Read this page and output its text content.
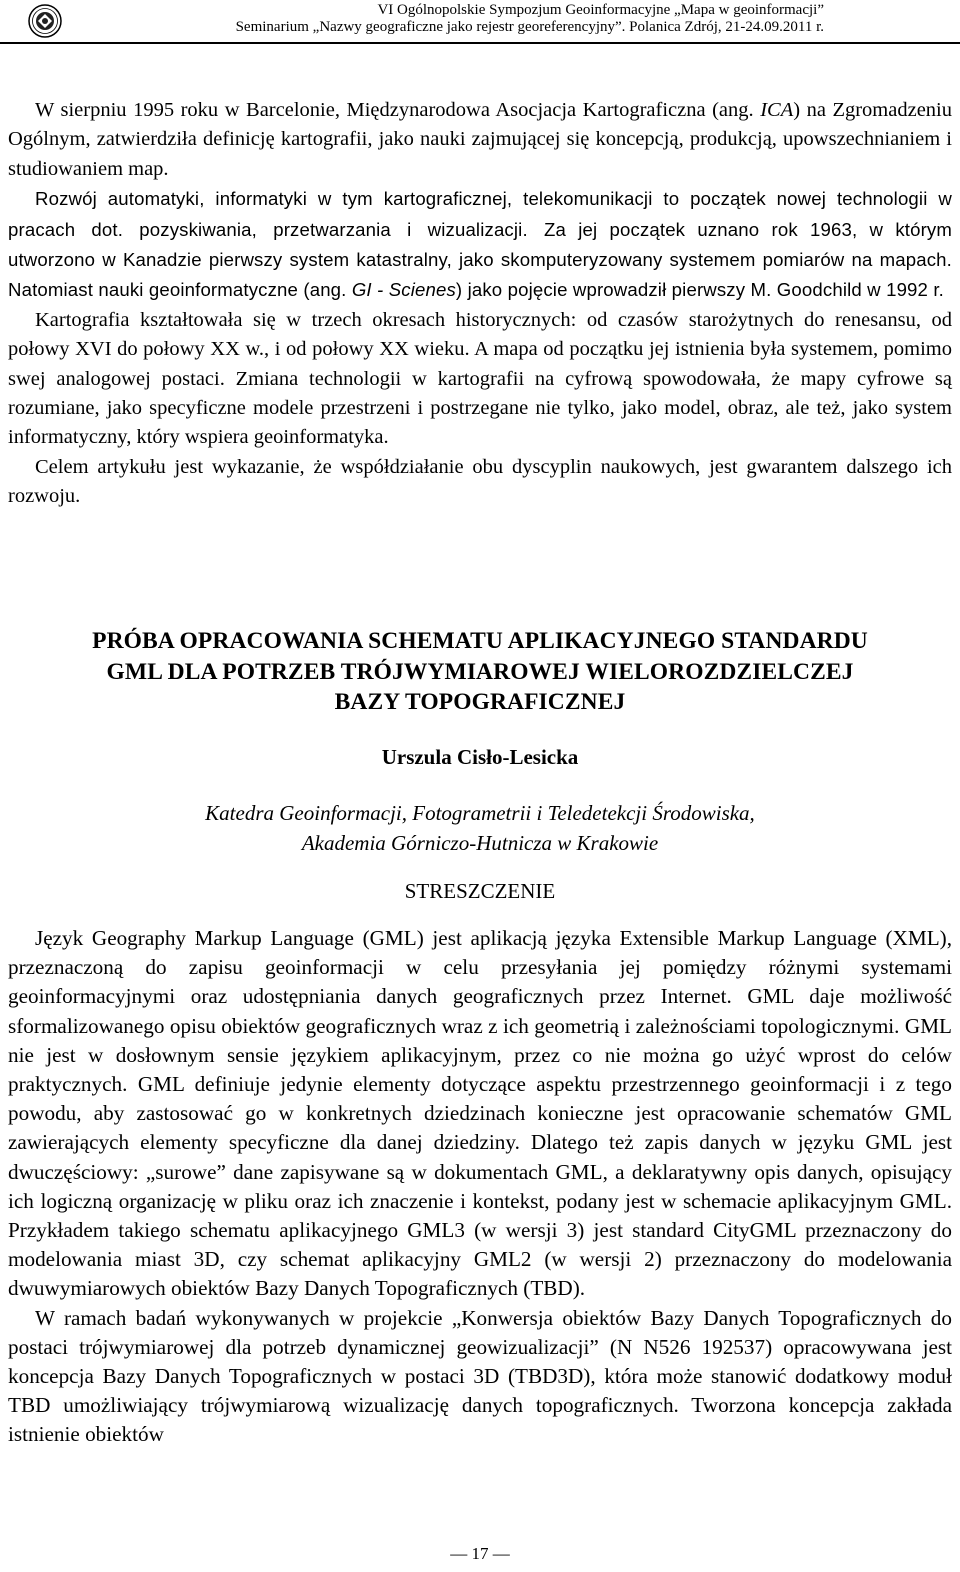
VI Ogólnopolskie Sympozjum Geoinformacyjne „Mapa w geoinformacji”
Seminarium „Nazwy geograficzne jako rejestr georeferencyjny”. Polanica Zdrój, 21-24.09.2011 r.

W sierpniu 1995 roku w Barcelonie, Międzynarodowa Asocjacja Kartograficzna (ang. ICA) na Zgromadzeniu Ogólnym, zatwierdziła definicję kartografii, jako nauki zajmującej się koncepcją, produkcją, upowszechnianiem i studiowaniem map.

Rozwój automatyki, informatyki w tym kartograficznej, telekomunikacji to początek nowej technologii w pracach dot. pozyskiwania, przetwarzania i wizualizacji. Za jej początek uznano rok 1963, w którym utworzono w Kanadzie pierwszy system katastralny, jako skomputeryzowany systemem pomiarów na mapach. Natomiast nauki geoinformatyczne (ang. GI - Scienes) jako pojęcie wprowadził pierwszy M. Goodchild w 1992 r.

Kartografia kształtowała się w trzech okresach historycznych: od czasów starożytnych do renesansu, od połowy XVI do połowy XX w., i od połowy XX wieku. A mapa od początku jej istnienia była systemem, pomimo swej analogowej postaci. Zmiana technologii w kartografii na cyfrową spowodowała, że mapy cyfrowe są rozumiane, jako specyficzne modele przestrzeni i postrzegane nie tylko, jako model, obraz, ale też, jako system informatyczny, który wspiera geoinformatyka.

Celem artykułu jest wykazanie, że współdziałanie obu dyscyplin naukowych, jest gwarantem dalszego ich rozwoju.

PRÓBA OPRACOWANIA SCHEMATU APLIKACYJNEGO STANDARDU
GML DLA POTRZEB TRÓJWYMIAROWEJ WIELOROZDZIELCZEJ
BAZY TOPOGRAFICZNEJ
Urszula Cisło-Lesicka
Katedra Geoinformacji, Fotogrametrii i Teledetekcji Środowiska,
Akademia Górniczo-Hutnicza w Krakowie
STRESZCZENIE

Język Geography Markup Language (GML) jest aplikacją języka Extensible Markup Language (XML), przeznaczoną do zapisu geoinformacji w celu przesyłania jej pomiędzy różnymi systemami geoinformacyjnymi oraz udostępniania danych geograficznych przez Internet. GML daje możliwość sformalizowanego opisu obiektów geograficznych wraz z ich geometrią i zależnościami topologicznymi. GML nie jest w dosłownym sensie językiem aplikacyjnym, przez co nie można go użyć wprost do celów praktycznych. GML definiuje jedynie elementy dotyczące aspektu przestrzennego geoinformacji i z tego powodu, aby zastosować go w konkretnych dziedzinach konieczne jest opracowanie schematów GML zawierających elementy specyficzne dla danej dziedziny. Dlatego też zapis danych w języku GML jest dwuczęściowy: „surowe” dane zapisywane są w dokumentach GML, a deklaratywny opis danych, opisujący ich logiczną organizację w pliku oraz ich znaczenie i kontekst, podany jest w schemacie aplikacyjnym GML. Przykładem takiego schematu aplikacyjnego GML3 (w wersji 3) jest standard CityGML przeznaczony do modelowania miast 3D, czy schemat aplikacyjny GML2 (w wersji 2) przeznaczony do modelowania dwuwymiarowych obiektów Bazy Danych Topograficznych (TBD).

W ramach badań wykonywanych w projekcie „Konwersja obiektów Bazy Danych Topograficznych do postaci trójwymiarowej dla potrzeb dynamicznej geowizualizacji” (N N526 192537) opracowywana jest koncepcja Bazy Danych Topograficznych w postaci 3D (TBD3D), która może stanowić dodatkowy moduł TBD umożliwiający trójwymiarową wizualizację danych topograficznych. Tworzona koncepcja zakłada istnienie obiektów

— 17 —
